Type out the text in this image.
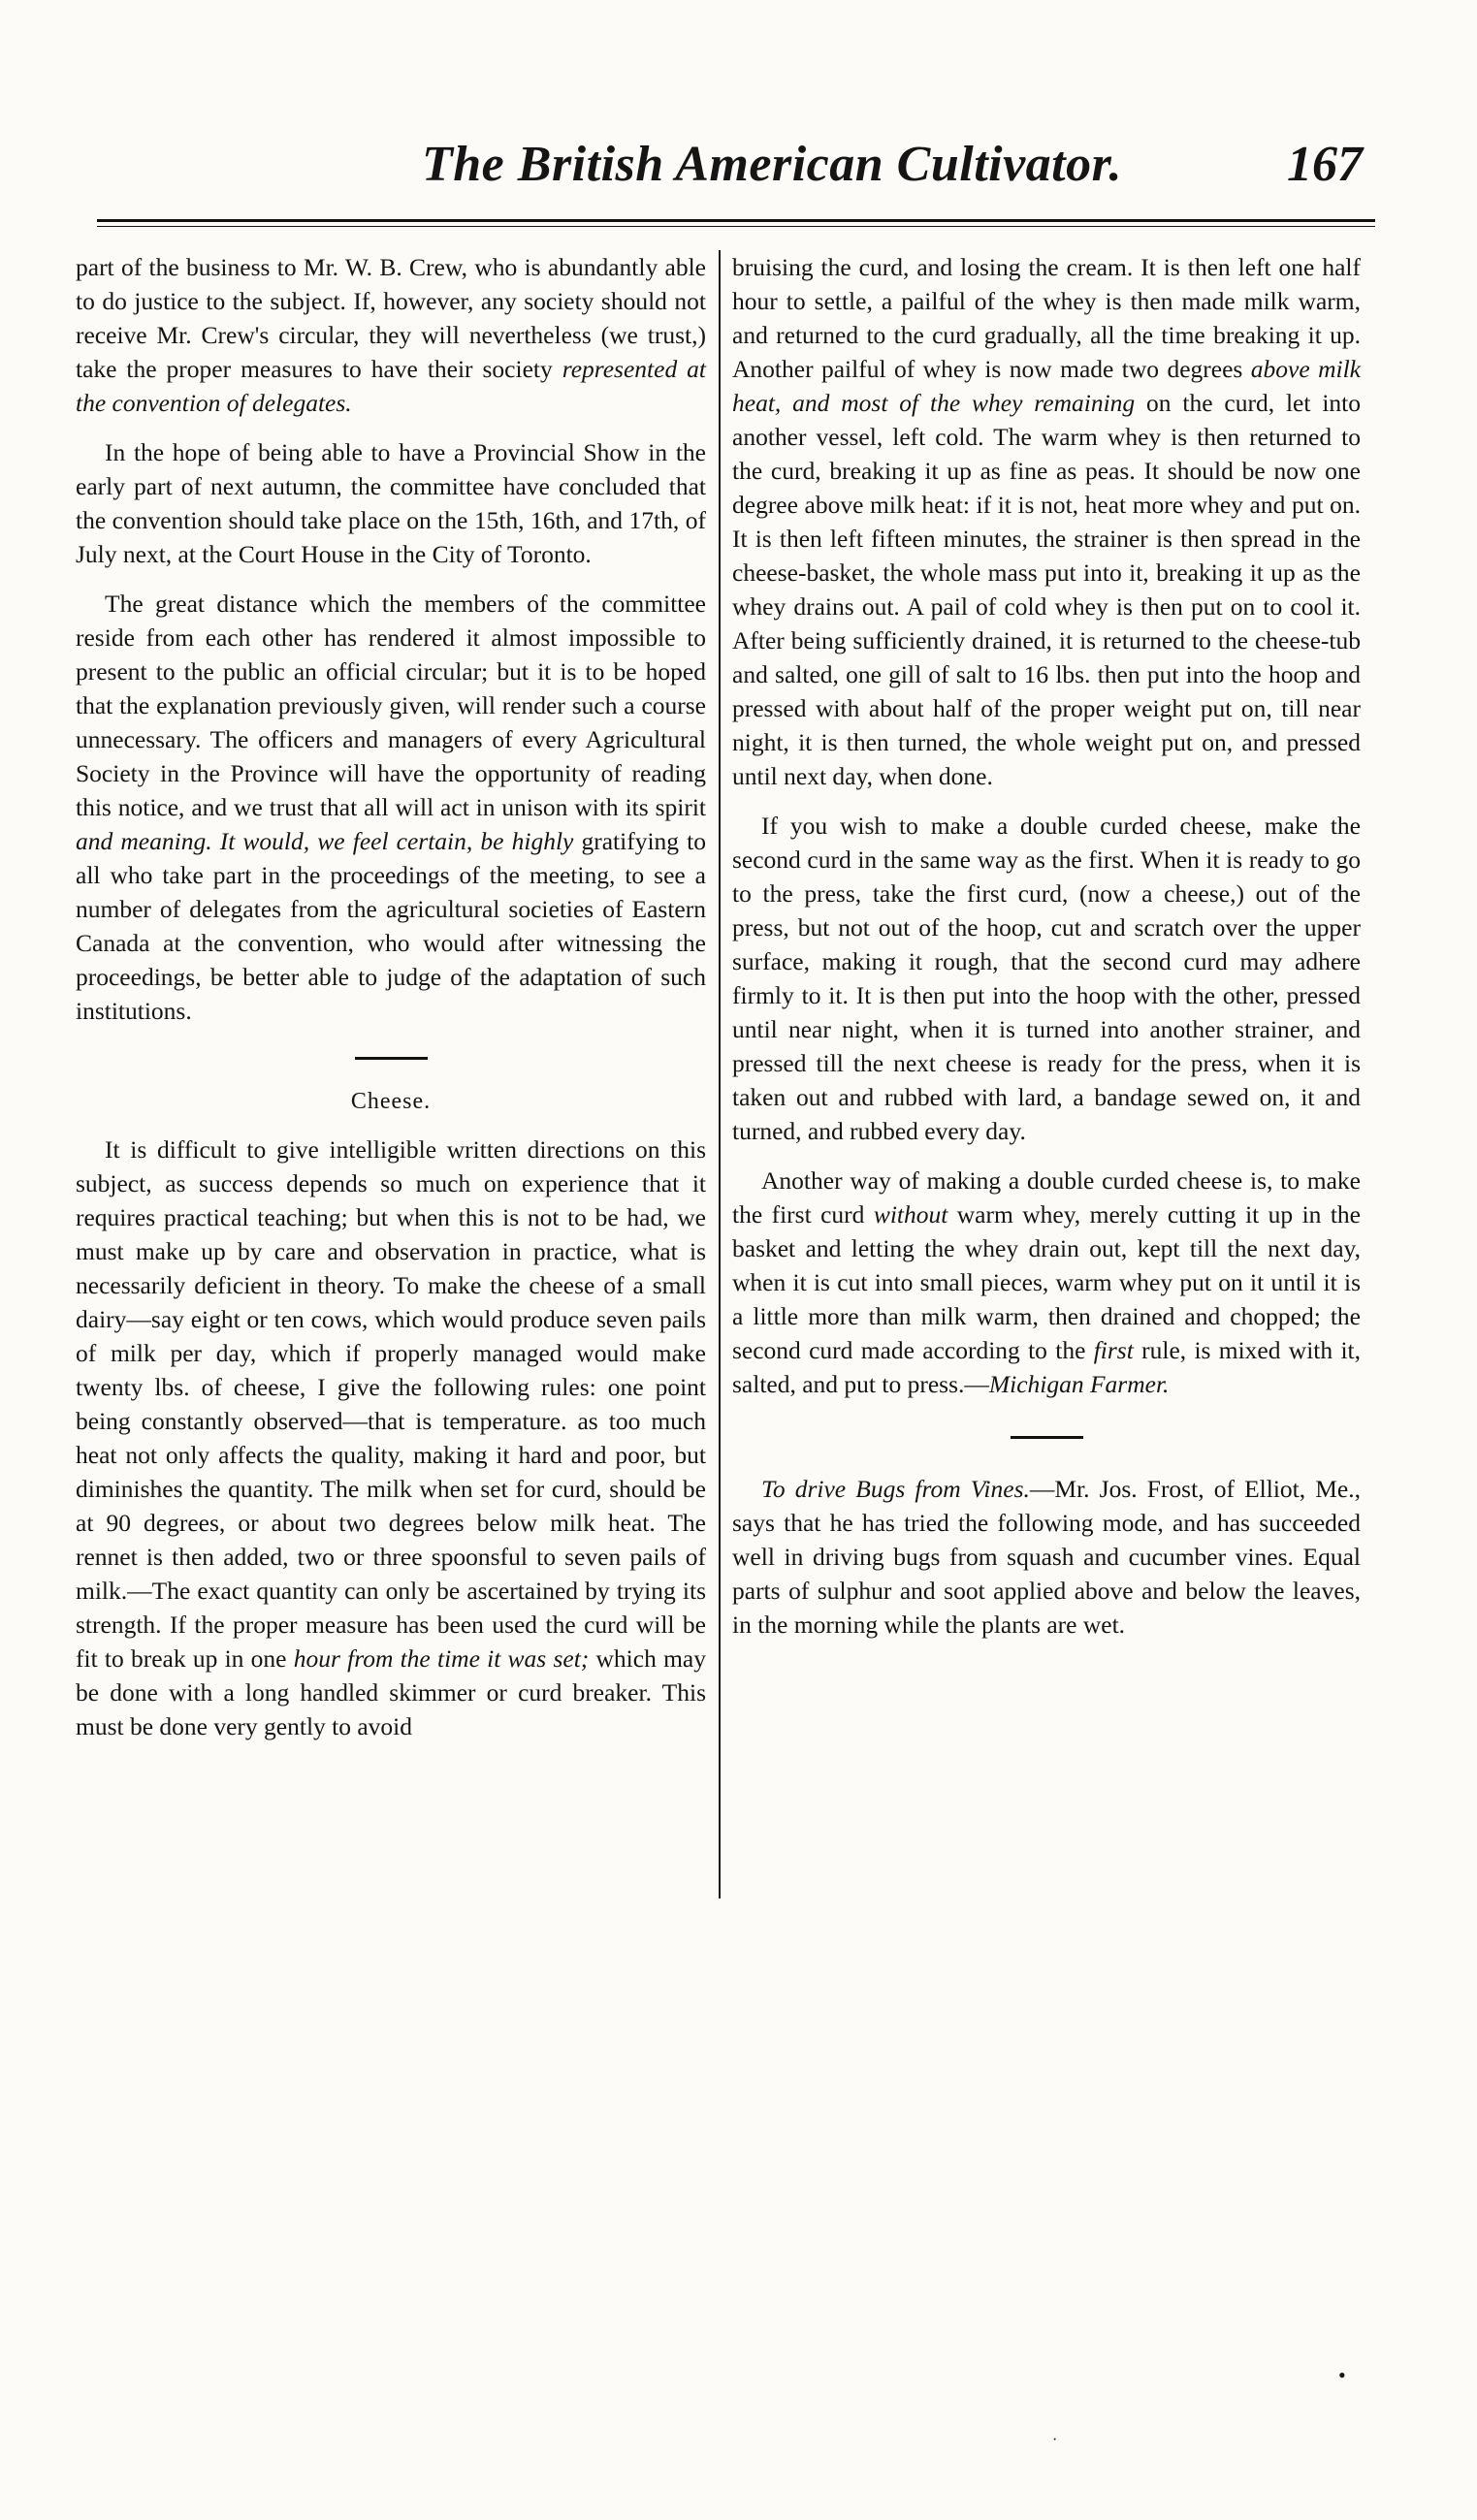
The British American Cultivator.	167

part of the business to Mr. W. B. Crew, who is abundantly able to do justice to the subject. If, however, any society should not receive Mr. Crew's circular, they will nevertheless (we trust,) take the proper measures to have their society represented at the convention of delegates.

In the hope of being able to have a Provincial Show in the early part of next autumn, the committee have concluded that the convention should take place on the 15th, 16th, and 17th, of July next, at the Court House in the City of Toronto.

The great distance which the members of the committee reside from each other has rendered it almost impossible to present to the public an official circular; but it is to be hoped that the explanation previously given, will render such a course unnecessary. The officers and managers of every Agricultural Society in the Province will have the opportunity of reading this notice, and we trust that all will act in unison with its spirit and meaning. It would, we feel certain, be highly gratifying to all who take part in the proceedings of the meeting, to see a number of delegates from the agricultural societies of Eastern Canada at the convention, who would after witnessing the proceedings, be better able to judge of the adaptation of such institutions.

Cheese.

It is difficult to give intelligible written directions on this subject, as success depends so much on experience that it requires practical teaching; but when this is not to be had, we must make up by care and observation in practice, what is necessarily deficient in theory. To make the cheese of a small dairy—say eight or ten cows, which would produce seven pails of milk per day, which if properly managed would make twenty lbs. of cheese, I give the following rules: one point being constantly observed—that is temperature. as too much heat not only affects the quality, making it hard and poor, but diminishes the quantity. The milk when set for curd, should be at 90 degrees, or about two degrees below milk heat. The rennet is then added, two or three spoonsful to seven pails of milk.—The exact quantity can only be ascertained by trying its strength. If the proper measure has been used the curd will be fit to break up in one hour from the time it was set; which may be done with a long handled skimmer or curd breaker. This must be done very gently to avoid

bruising the curd, and losing the cream. It is then left one half hour to settle, a pailful of the whey is then made milk warm, and returned to the curd gradually, all the time breaking it up. Another pailful of whey is now made two degrees above milk heat, and most of the whey remaining on the curd, let into another vessel, left cold. The warm whey is then returned to the curd, breaking it up as fine as peas. It should be now one degree above milk heat: if it is not, heat more whey and put on. It is then left fifteen minutes, the strainer is then spread in the cheese-basket, the whole mass put into it, breaking it up as the whey drains out. A pail of cold whey is then put on to cool it. After being sufficiently drained, it is returned to the cheese-tub and salted, one gill of salt to 16 lbs. then put into the hoop and pressed with about half of the proper weight put on, till near night, it is then turned, the whole weight put on, and pressed until next day, when done.

If you wish to make a double curded cheese, make the second curd in the same way as the first. When it is ready to go to the press, take the first curd, (now a cheese,) out of the press, but not out of the hoop, cut and scratch over the upper surface, making it rough, that the second curd may adhere firmly to it. It is then put into the hoop with the other, pressed until near night, when it is turned into another strainer, and pressed till the next cheese is ready for the press, when it is taken out and rubbed with lard, a bandage sewed on, it and turned, and rubbed every day.

Another way of making a double curded cheese is, to make the first curd without warm whey, merely cutting it up in the basket and letting the whey drain out, kept till the next day, when it is cut into small pieces, warm whey put on it until it is a little more than milk warm, then drained and chopped; the second curd made according to the first rule, is mixed with it, salted, and put to press.—Michigan Farmer.

To drive Bugs from Vines.—Mr. Jos. Frost, of Elliot, Me., says that he has tried the following mode, and has succeeded well in driving bugs from squash and cucumber vines. Equal parts of sulphur and soot applied above and below the leaves, in the morning while the plants are wet.

•
·
